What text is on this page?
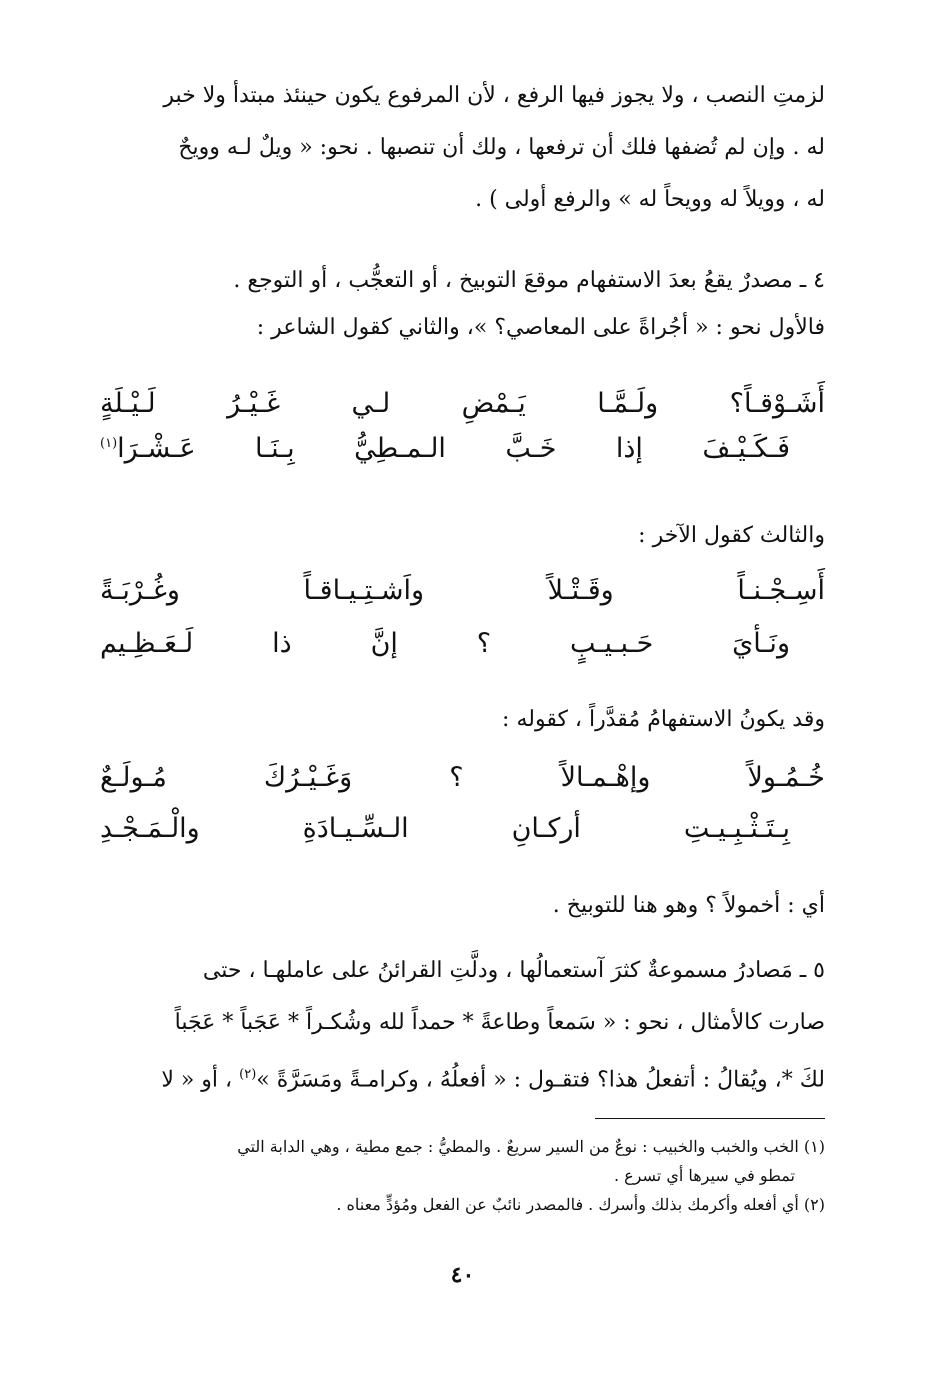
لزمتِ النصب ، ولا يجوز فيها الرفع ، لأن المرفوع يكون حينئذ مبتدأ ولا خبر

له . وإن لم تُضفها فلك أن ترفعها ، ولك أن تنصبها . نحو: « ويلٌ لـه وويحٌ

له ، وويلاً له وويحاً له » والرفع أولى ) .

٤ ـ مصدرٌ يقعُ بعدَ الاستفهام موقعَ التوبيخ ، أو التعجُّب ، أو التوجع .
فالأول نحو : « أجُراةً على المعاصي؟ »، والثاني كقول الشاعر :
أَشَـوْقـاً؟ ولَـمَّـا يَـمْضِ لـي غَـيْـرُ لَـيْـلَةٍ
فَـكَـيْـفَ إذا خَـبَّ الـمـطِيُّ بِـنَـا عَـشْـرَا$^{(١)}$
والثالث كقول الآخر :
أَسِـجْـنـاً وقَـتْـلاً واَشـتِـيـاقـاً وغُـرْبَـةً
ونَـأيَ حَـبـيـبٍ ؟ إنَّ ذا لَـعَـظِـيم
وقد يكونُ الاستفهامُ مُقدَّراً ، كقوله :
خُـمُـولاً وإهْـمـالاً ؟ وَغَـيْـرُكَ مُـولَـعٌ
بِـتَـثْـبِـيـتِ أركـانِ الـسِّـيـادَةِ والْـمَـجْـدِ
أي : أخمولاً ؟ وهو هنا للتوبيخ .

٥ ـ مَصادرُ مسموعةٌ كثرَ آستعمالُها ، ودلَّتِ القرائنُ على عاملهـا ، حتى

صارت كالأمثال ، نحو : « سَمعاً وطاعةً * حمداً لله وشُكـراً * عَجَباً * عَجَباً

لكَ *، ويُقالُ : أتفعلُ هذا؟ فتقـول : « أفعلُهُ ، وكرامـةً ومَسَرَّةً »$^{(٢)}$ ، أو « لا

(١) الخب والخبب والخبيب : نوعٌ من السير سريعٌ . والمطيُّ : جمع مطية ، وهي الدابة التي

تمطو في سيرها أي تسرع .

(٢) أي أفعله وأكرمك بذلك وأسرك . فالمصدر نائبٌ عن الفعل ومُؤدٍّ معناه .

٤٠
